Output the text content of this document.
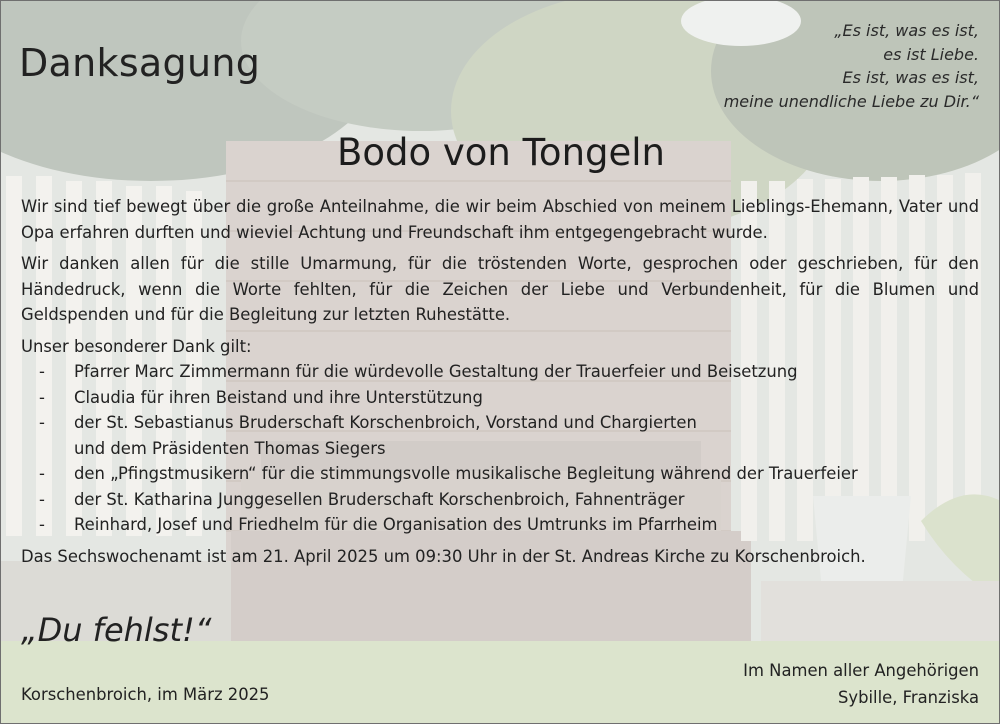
Danksagung
„Es ist, was es ist,
es ist Liebe.
Es ist, was es ist,
meine unendliche Liebe zu Dir.“
Bodo von Tongeln

Wir sind tief bewegt über die große Anteilnahme, die wir beim Abschied von meinem Lieblings-Ehemann, Vater und Opa erfahren durften und wieviel Achtung und Freundschaft ihm entgegengebracht wurde.

Wir danken allen für die stille Umarmung, für die tröstenden Worte, gesprochen oder geschrieben, für den Händedruck, wenn die Worte fehlten, für die Zeichen der Liebe und Verbundenheit, für die Blumen und Geldspenden und für die Begleitung zur letzten Ruhestätte.

Unser besonderer Dank gilt:
- Pfarrer Marc Zimmermann für die würdevolle Gestaltung der Trauerfeier und Beisetzung
- Claudia für ihren Beistand und ihre Unterstützung
- der St. Sebastianus Bruderschaft Korschenbroich, Vorstand und Chargierten
und dem Präsidenten Thomas Siegers
- den „Pfingstmusikern“ für die stimmungsvolle musikalische Begleitung während der Trauerfeier
- der St. Katharina Junggesellen Bruderschaft Korschenbroich, Fahnenträger
- Reinhard, Josef und Friedhelm für die Organisation des Umtrunks im Pfarrheim
Das Sechswochenamt ist am 21. April 2025 um 09:30 Uhr in der St. Andreas Kirche zu Korschenbroich.
„Du fehlst!“
Korschenbroich, im März 2025
Im Namen aller Angehörigen
Sybille, Franziska
